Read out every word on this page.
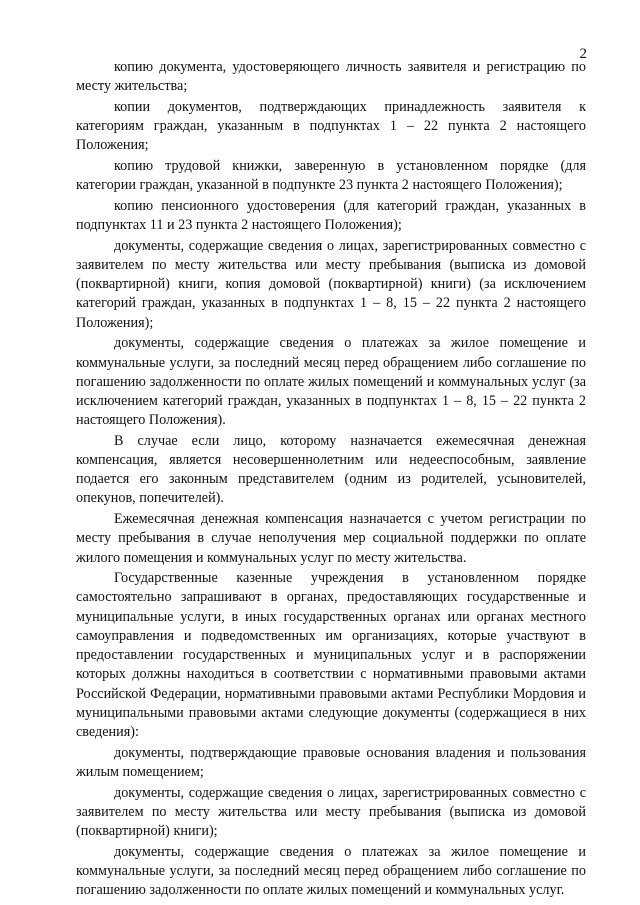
2

копию документа, удостоверяющего личность заявителя и регистрацию по месту жительства;

копии документов, подтверждающих принадлежность заявителя к категориям граждан, указанным в подпунктах 1 – 22 пункта 2 настоящего Положения;

копию трудовой книжки, заверенную в установленном порядке (для категории граждан, указанной в подпункте 23 пункта 2 настоящего Положения);

копию пенсионного удостоверения (для категорий граждан, указанных в подпунктах 11 и 23 пункта 2 настоящего Положения);

документы, содержащие сведения о лицах, зарегистрированных совместно с заявителем по месту жительства или месту пребывания (выписка из домовой (поквартирной) книги, копия домовой (поквартирной) книги) (за исключением категорий граждан, указанных в подпунктах 1 – 8, 15 – 22 пункта 2 настоящего Положения);

документы, содержащие сведения о платежах за жилое помещение и коммунальные услуги, за последний месяц перед обращением либо соглашение по погашению задолженности по оплате жилых помещений и коммунальных услуг (за исключением категорий граждан, указанных в подпунктах 1 – 8, 15 – 22 пункта 2 настоящего Положения).

В случае если лицо, которому назначается ежемесячная денежная компенсация, является несовершеннолетним или недееспособным, заявление подается его законным представителем (одним из родителей, усыновителей, опекунов, попечителей).

Ежемесячная денежная компенсация назначается с учетом регистрации по месту пребывания в случае неполучения мер социальной поддержки по оплате жилого помещения и коммунальных услуг по месту жительства.

Государственные казенные учреждения в установленном порядке самостоятельно запрашивают в органах, предоставляющих государственные и муниципальные услуги, в иных государственных органах или органах местного самоуправления и подведомственных им организациях, которые участвуют в предоставлении государственных и муниципальных услуг и в распоряжении которых должны находиться в соответствии с нормативными правовыми актами Российской Федерации, нормативными правовыми актами Республики Мордовия и муниципальными правовыми актами следующие документы (содержащиеся в них сведения):

документы, подтверждающие правовые основания владения и пользования жилым помещением;

документы, содержащие сведения о лицах, зарегистрированных совместно с заявителем по месту жительства или месту пребывания (выписка из домовой (поквартирной) книги);

документы, содержащие сведения о платежах за жилое помещение и коммунальные услуги, за последний месяц перед обращением либо соглашение по погашению задолженности по оплате жилых помещений и коммунальных услуг.
